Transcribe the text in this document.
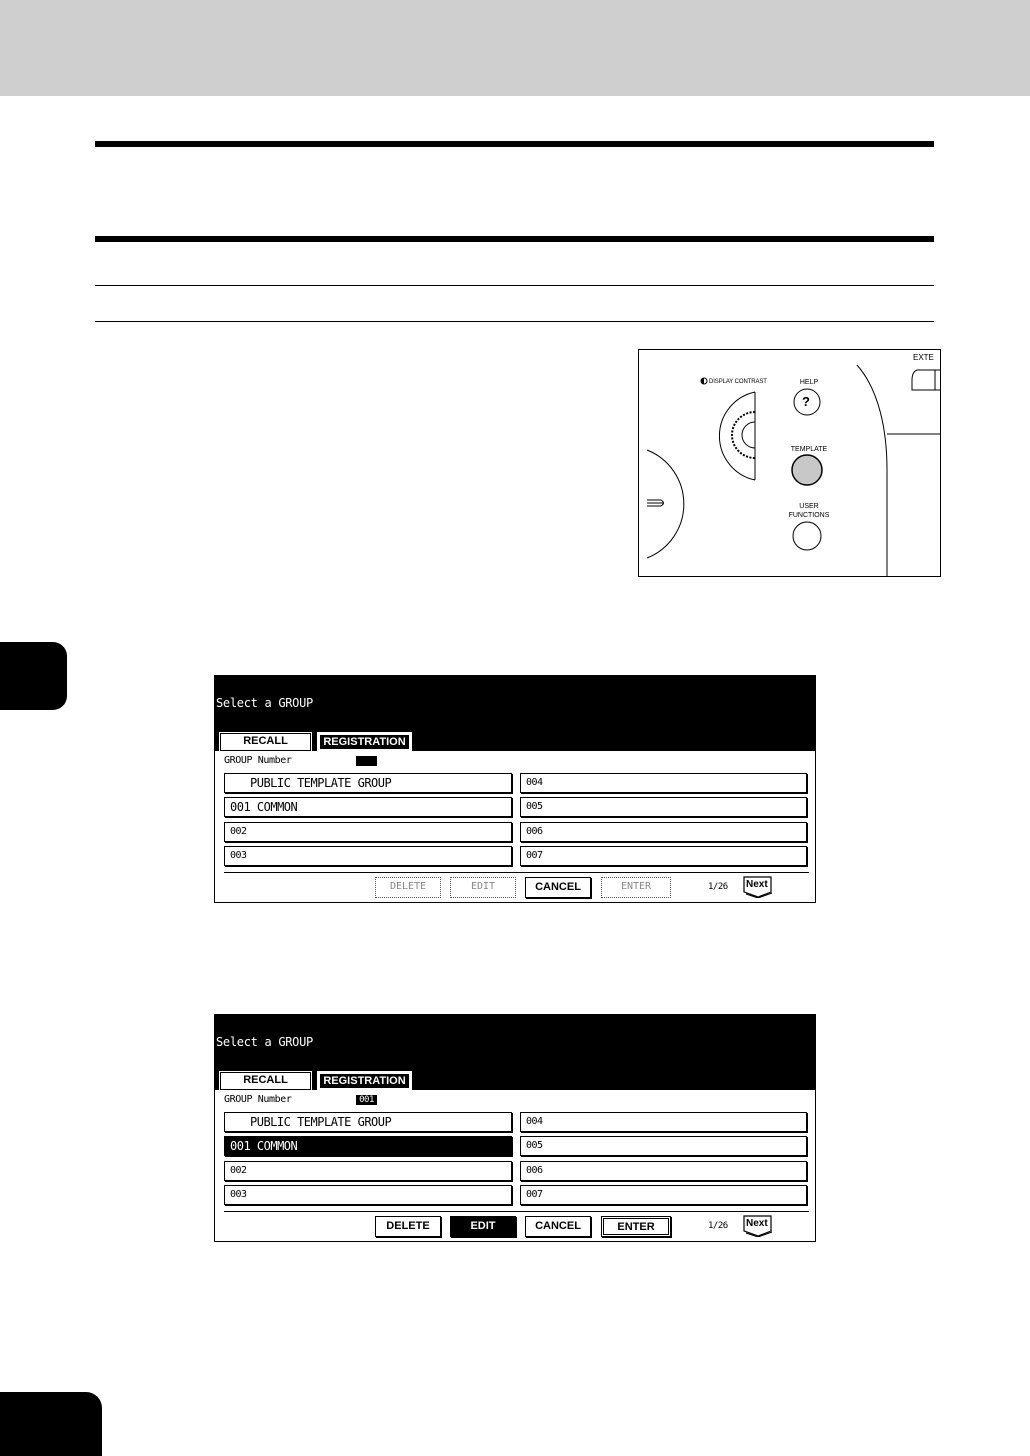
DISPLAY CONTRAST	HELP
?
TEMPLATE
USER
FUNCTIONS
EXTE
Select a GROUP
RECALL	REGISTRATION
GROUP Number
PUBLIC TEMPLATE GROUP
001 COMMON
002
003
004
005
006
007
DELETE	EDIT	CANCEL	ENTER	1/26 Next
Select a GROUP
RECALL	REGISTRATION
GROUP Number	001
PUBLIC TEMPLATE GROUP
001 COMMON
002
003
004
005
006
007
DELETE	EDIT	CANCEL	ENTER	1/26 Next
